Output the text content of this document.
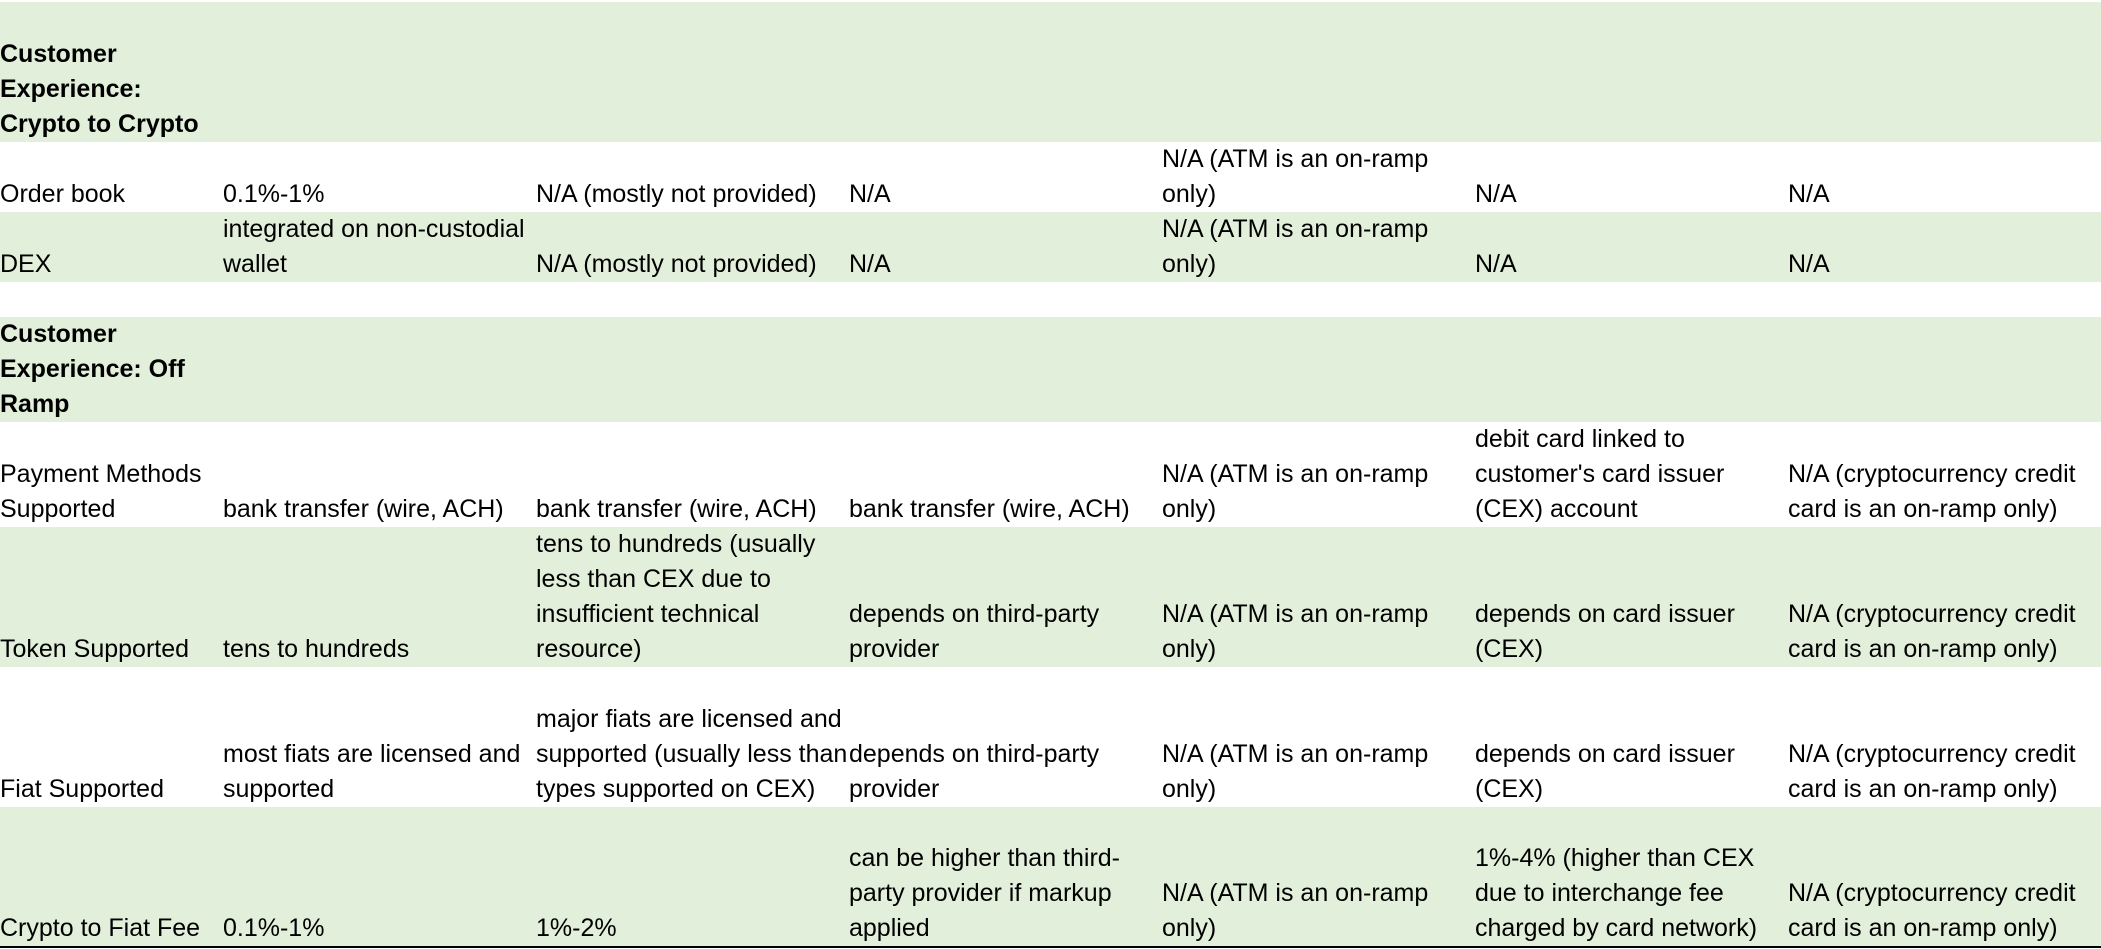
Customer Experience: Crypto to Crypto						
Order book	0.1%-1%	N/A (mostly not provided)	N/A	N/A (ATM is an on-ramp only)	N/A	N/A
DEX	integrated on non-custodial wallet	N/A (mostly not provided)	N/A	N/A (ATM is an on-ramp only)	N/A	N/A

Customer Experience: Off Ramp						
Payment Methods Supported	bank transfer (wire, ACH)	bank transfer (wire, ACH)	bank transfer (wire, ACH)	N/A (ATM is an on-ramp only)	debit card linked to customer's card issuer (CEX) account	N/A (cryptocurrency credit card is an on-ramp only)
Token Supported	tens to hundreds	tens to hundreds (usually less than CEX due to insufficient technical resource)	depends on third-party provider	N/A (ATM is an on-ramp only)	depends on card issuer (CEX)	N/A (cryptocurrency credit card is an on-ramp only)
Fiat Supported	most fiats are licensed and supported	major fiats are licensed and supported (usually less than types supported on CEX)	depends on third-party provider	N/A (ATM is an on-ramp only)	depends on card issuer (CEX)	N/A (cryptocurrency credit card is an on-ramp only)
Crypto to Fiat Fee	0.1%-1%	1%-2%	can be higher than third-party provider if markup applied	N/A (ATM is an on-ramp only)	1%-4% (higher than CEX due to interchange fee charged by card network)	N/A (cryptocurrency credit card is an on-ramp only)
